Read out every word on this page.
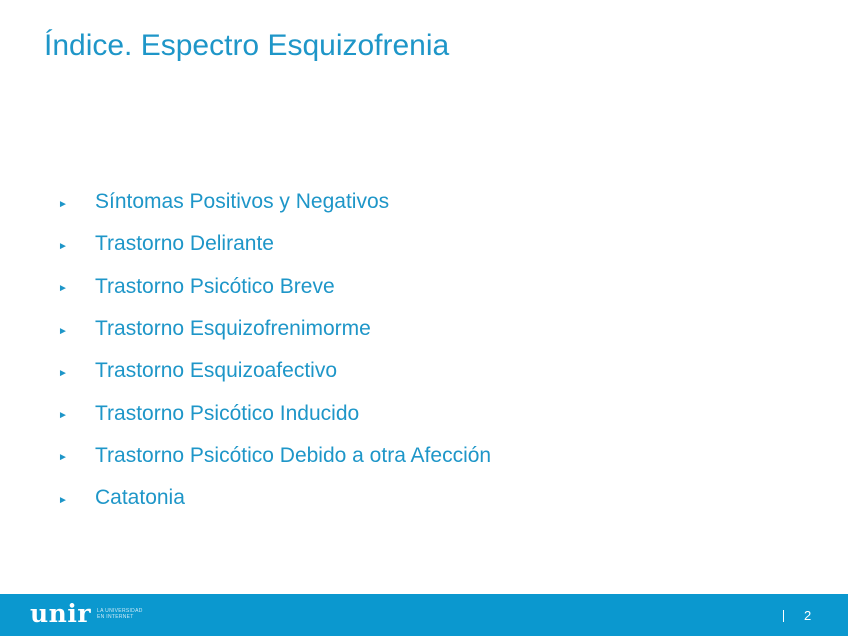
Índice. Espectro Esquizofrenia
►	Síntomas Positivos y Negativos
►	Trastorno Delirante
►	Trastorno Psicótico Breve
►	Trastorno Esquizofrenimorme
►	Trastorno Esquizoafectivo
►	Trastorno Psicótico Inducido
►	Trastorno Psicótico Debido a otra Afección
►	Catatonia
unir LA UNIVERSIDAD
EN INTERNET	2
